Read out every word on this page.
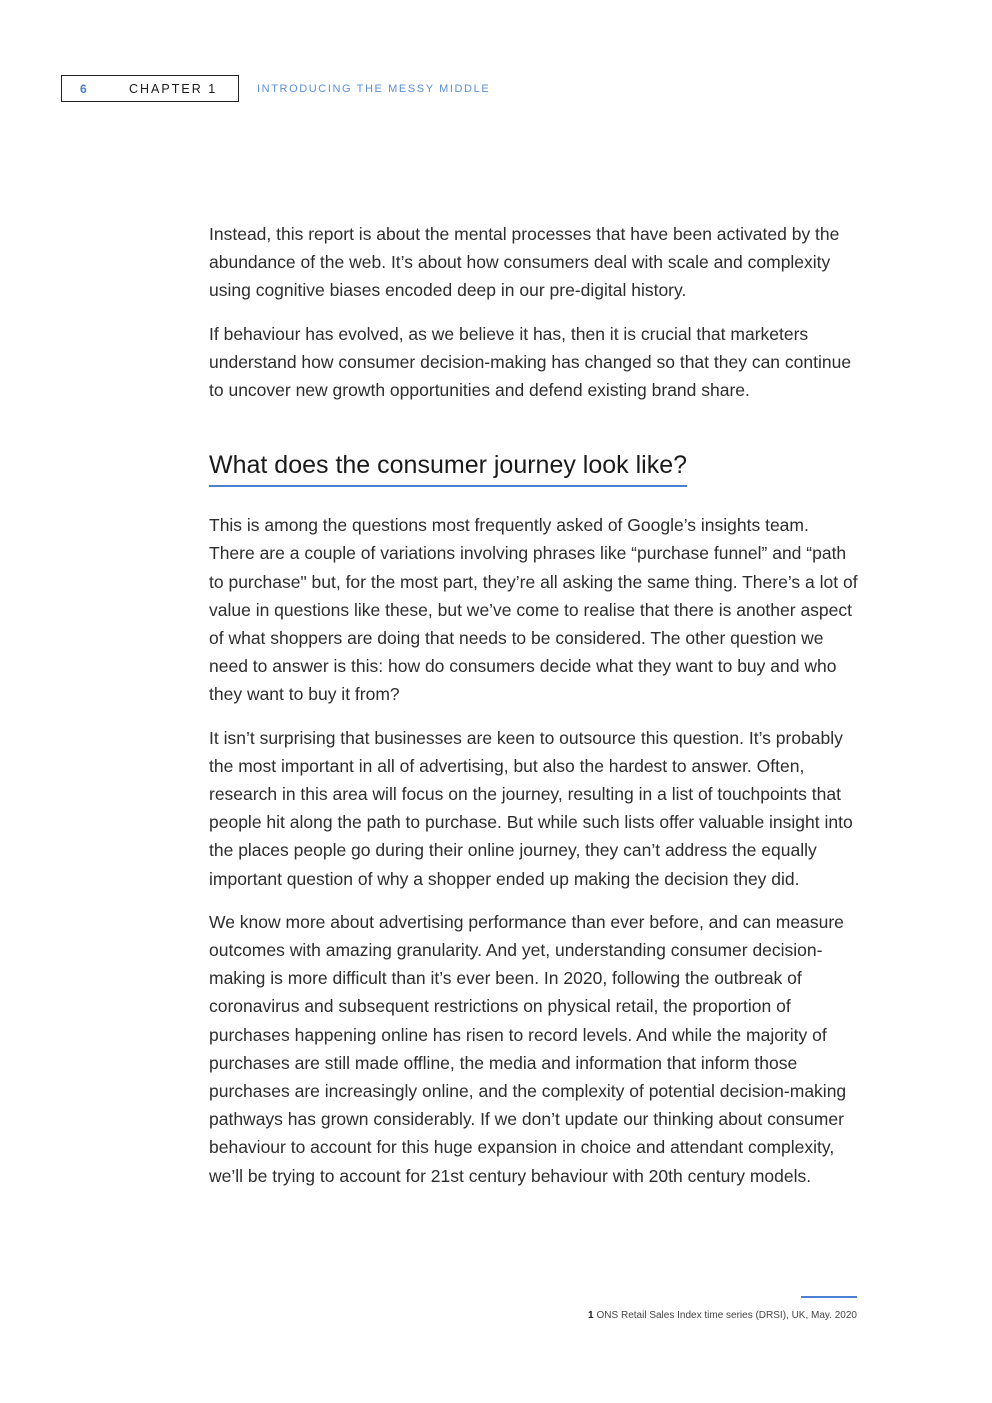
6	CHAPTER 1	INTRODUCING THE MESSY MIDDLE

Instead, this report is about the mental processes that have been activated by the abundance of the web. It’s about how consumers deal with scale and complexity using cognitive biases encoded deep in our pre-digital history.

If behaviour has evolved, as we believe it has, then it is crucial that marketers understand how consumer decision-making has changed so that they can continue to uncover new growth opportunities and defend existing brand share.

What does the consumer journey look like?

This is among the questions most frequently asked of Google’s insights team. There are a couple of variations involving phrases like “purchase funnel” and “path to purchase" but, for the most part, they’re all asking the same thing. There’s a lot of value in questions like these, but we’ve come to realise that there is another aspect of what shoppers are doing that needs to be considered. The other question we need to answer is this: how do consumers decide what they want to buy and who they want to buy it from?

It isn’t surprising that businesses are keen to outsource this question. It’s probably the most important in all of advertising, but also the hardest to answer. Often, research in this area will focus on the journey, resulting in a list of touchpoints that people hit along the path to purchase. But while such lists offer valuable insight into the places people go during their online journey, they can’t address the equally important question of why a shopper ended up making the decision they did.

We know more about advertising performance than ever before, and can measure outcomes with amazing granularity. And yet, understanding consumer decision-making is more difficult than it’s ever been. In 2020, following the outbreak of coronavirus and subsequent restrictions on physical retail, the proportion of purchases happening online has risen to record levels. And while the majority of purchases are still made offline, the media and information that inform those purchases are increasingly online, and the complexity of potential decision-making pathways has grown considerably. If we don’t update our thinking about consumer behaviour to account for this huge expansion in choice and attendant complexity, we’ll be trying to account for 21st century behaviour with 20th century models.

1 ONS Retail Sales Index time series (DRSI), UK, May. 2020
